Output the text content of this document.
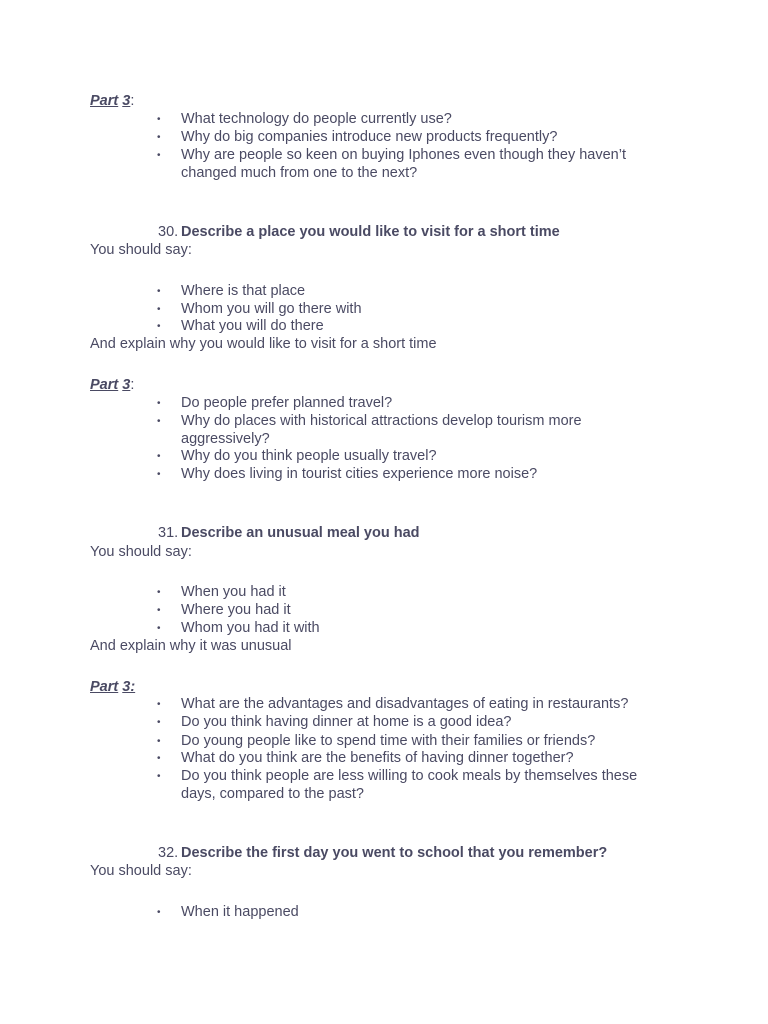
Part 3:
• What technology do people currently use?
• Why do big companies introduce new products frequently?
• Why are people so keen on buying Iphones even though they haven’t
changed much from one to the next?
30. Describe a place you would like to visit for a short time
You should say:
• Where is that place
• Whom you will go there with
• What you will do there
And explain why you would like to visit for a short time
Part 3:
• Do people prefer planned travel?
• Why do places with historical attractions develop tourism more
aggressively?
• Why do you think people usually travel?
• Why does living in tourist cities experience more noise?
31. Describe an unusual meal you had
You should say:
• When you had it
• Where you had it
• Whom you had it with
And explain why it was unusual
Part 3:
• What are the advantages and disadvantages of eating in restaurants?
• Do you think having dinner at home is a good idea?
• Do young people like to spend time with their families or friends?
• What do you think are the benefits of having dinner together?
• Do you think people are less willing to cook meals by themselves these
days, compared to the past?
32. Describe the first day you went to school that you remember?
You should say:
• When it happened
